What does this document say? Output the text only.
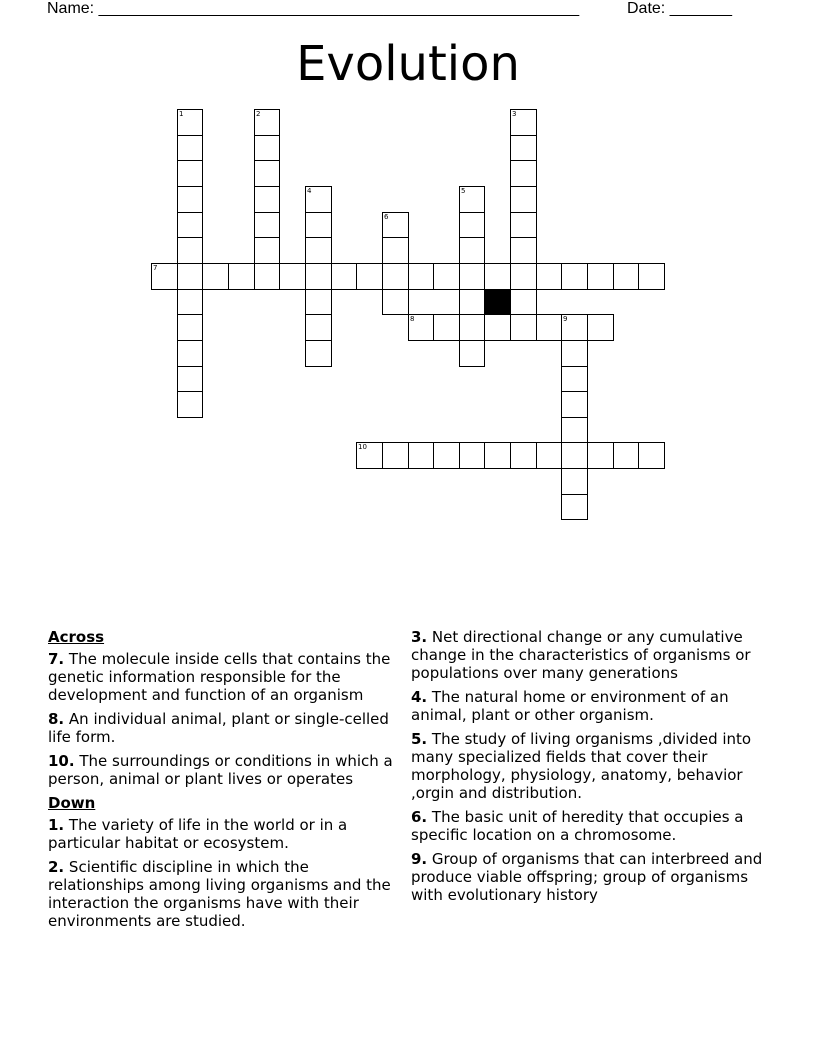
Name: ______________________________________________________	Date: _______
Evolution
1	2	3
4	5
6
9
7
8
10
Across
7. The molecule inside cells that contains the genetic information responsible for the development and function of an organism
8. An individual animal, plant or single-celled life form.
10. The surroundings or conditions in which a person, animal or plant lives or operates
Down
1. The variety of life in the world or in a particular habitat or ecosystem.
2. Scientific discipline in which the relationships among living organisms and the interaction the organisms have with their environments are studied.
3. Net directional change or any cumulative change in the characteristics of organisms or populations over many generations
4. The natural home or environment of an animal, plant or other organism.
5. The study of living organisms ,divided into many specialized fields that cover their morphology, physiology, anatomy, behavior ,orgin and distribution.
6. The basic unit of heredity that occupies a specific location on a chromosome.
9. Group of organisms that can interbreed and produce viable offspring; group of organisms with evolutionary history
